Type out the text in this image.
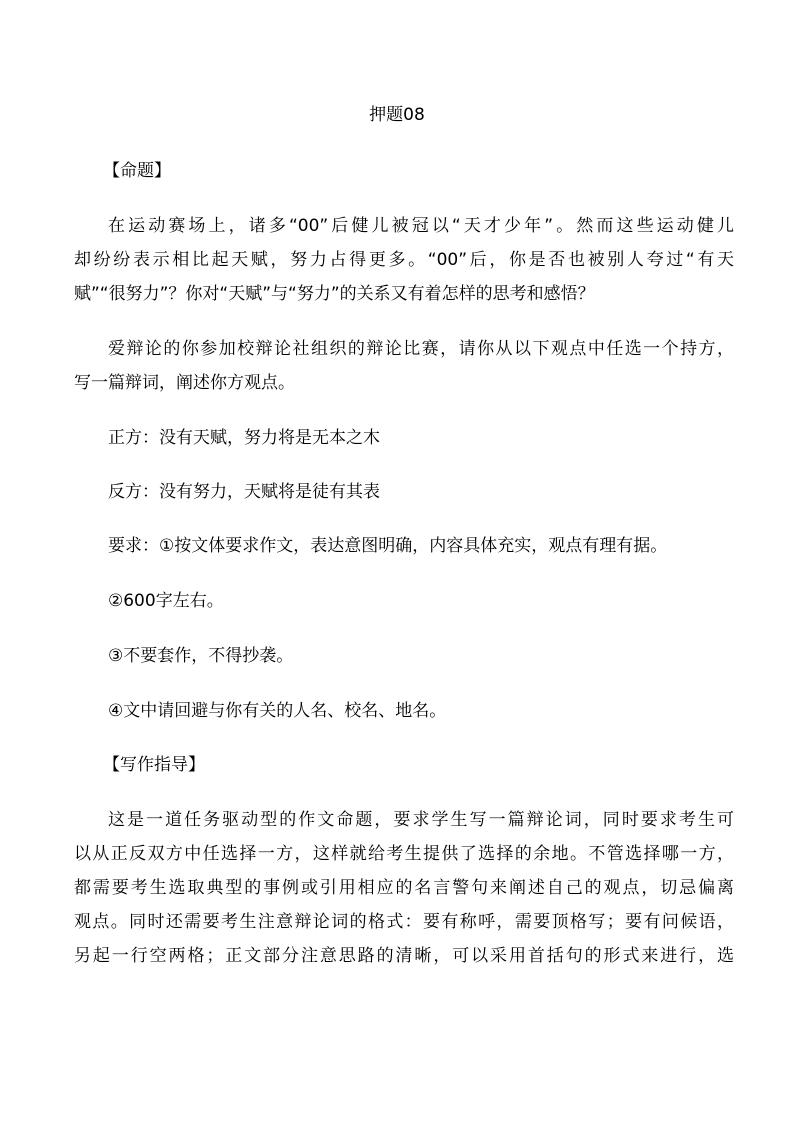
押题08
【命题】
在运动赛场上，诸多“00”后健儿被冠以“天才少年”。然而这些运动健儿
却纷纷表示相比起天赋，努力占得更多。“00”后，你是否也被别人夸过“有天
赋”“很努力”？你对“天赋”与“努力”的关系又有着怎样的思考和感悟？
爱辩论的你参加校辩论社组织的辩论比赛，请你从以下观点中任选一个持方，
写一篇辩词，阐述你方观点。
正方：没有天赋，努力将是无本之木
反方：没有努力，天赋将是徒有其表
要求：①按文体要求作文，表达意图明确，内容具体充实，观点有理有据。
②600字左右。
③不要套作，不得抄袭。
④文中请回避与你有关的人名、校名、地名。
【写作指导】
这是一道任务驱动型的作文命题，要求学生写一篇辩论词，同时要求考生可
以从正反双方中任选择一方，这样就给考生提供了选择的余地。不管选择哪一方，
都需要考生选取典型的事例或引用相应的名言警句来阐述自己的观点，切忌偏离
观点。同时还需要考生注意辩论词的格式：要有称呼，需要顶格写；要有问候语，
另起一行空两格；正文部分注意思路的清晰，可以采用首括句的形式来进行，选
